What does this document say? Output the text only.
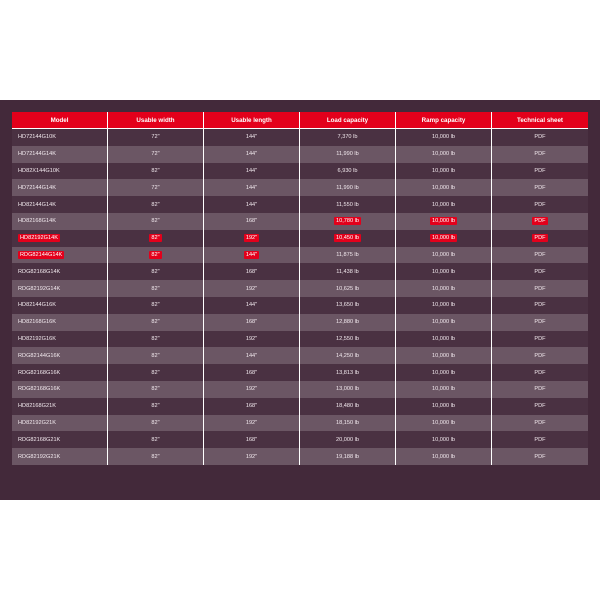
Model	Usable width	Usable length	Load capacity	Ramp capacity	Technical sheet
HD72144G10K	72"	144"	7,370 lb	10,000 lb	PDF
HD72144G14K	72"	144"	11,990 lb	10,000 lb	PDF
HD82X144G10K	82"	144"	6,930 lb	10,000 lb	PDF
HD72144G14K	72"	144"	11,990 lb	10,000 lb	PDF
HD82144G14K	82"	144"	11,550 lb	10,000 lb	PDF
HD82168G14K	82"	168"	10,780 lb	10,000 lb	PDF
HD82192G14K	82"	192"	10,450 lb	10,000 lb	PDF
RDG82144G14K	82"	144"	11,875 lb	10,000 lb	PDF
RDG82168G14K	82"	168"	11,438 lb	10,000 lb	PDF
RDG82192G14K	82"	192"	10,625 lb	10,000 lb	PDF
HD82144G16K	82"	144"	13,650 lb	10,000 lb	PDF
HD82168G16K	82"	168"	12,880 lb	10,000 lb	PDF
HD82192G16K	82"	192"	12,550 lb	10,000 lb	PDF
RDG82144G16K	82"	144"	14,250 lb	10,000 lb	PDF
RDG82168G16K	82"	168"	13,813 lb	10,000 lb	PDF
RDG82168G16K	82"	192"	13,000 lb	10,000 lb	PDF
HD82168G21K	82"	168"	18,480 lb	10,000 lb	PDF
HD82192G21K	82"	192"	18,150 lb	10,000 lb	PDF
RDG82168G21K	82"	168"	20,000 lb	10,000 lb	PDF
RDG82192G21K	82"	192"	19,188 lb	10,000 lb	PDF
